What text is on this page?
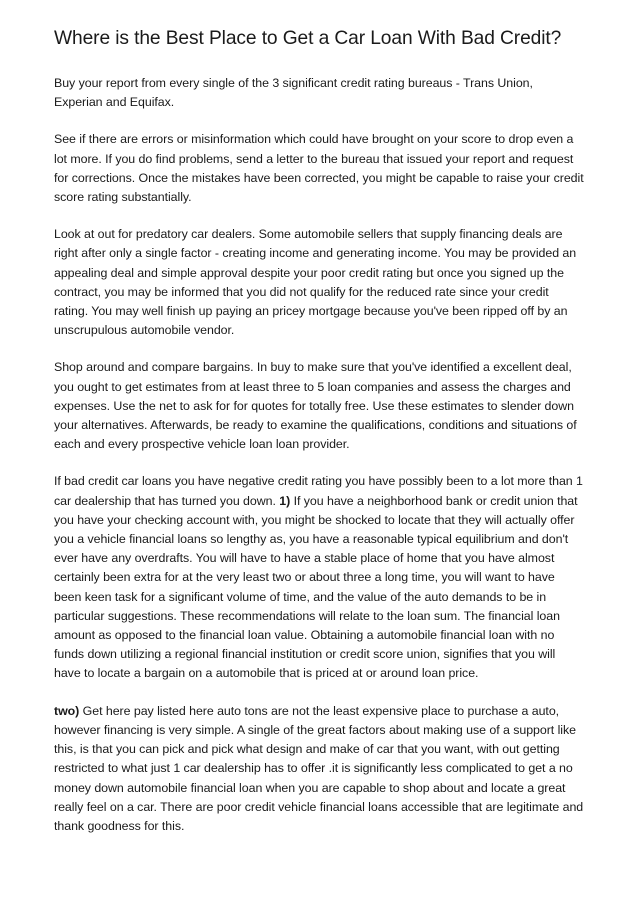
Where is the Best Place to Get a Car Loan With Bad Credit?

Buy your report from every single of the 3 significant credit rating bureaus - Trans Union, Experian and Equifax.

See if there are errors or misinformation which could have brought on your score to drop even a lot more. If you do find problems, send a letter to the bureau that issued your report and request for corrections. Once the mistakes have been corrected, you might be capable to raise your credit score rating substantially.

Look at out for predatory car dealers. Some automobile sellers that supply financing deals are right after only a single factor - creating income and generating income. You may be provided an appealing deal and simple approval despite your poor credit rating but once you signed up the contract, you may be informed that you did not qualify for the reduced rate since your credit rating. You may well finish up paying an pricey mortgage because you've been ripped off by an unscrupulous automobile vendor.

Shop around and compare bargains. In buy to make sure that you've identified a excellent deal, you ought to get estimates from at least three to 5 loan companies and assess the charges and expenses. Use the net to ask for for quotes for totally free. Use these estimates to slender down your alternatives. Afterwards, be ready to examine the qualifications, conditions and situations of each and every prospective vehicle loan loan provider.

If bad credit car loans you have negative credit rating you have possibly been to a lot more than 1 car dealership that has turned you down. 1) If you have a neighborhood bank or credit union that you have your checking account with, you might be shocked to locate that they will actually offer you a vehicle financial loans so lengthy as, you have a reasonable typical equilibrium and don't ever have any overdrafts. You will have to have a stable place of home that you have almost certainly been extra for at the very least two or about three a long time, you will want to have been keen task for a significant volume of time, and the value of the auto demands to be in particular suggestions. These recommendations will relate to the loan sum. The financial loan amount as opposed to the financial loan value. Obtaining a automobile financial loan with no funds down utilizing a regional financial institution or credit score union, signifies that you will have to locate a bargain on a automobile that is priced at or around loan price.

two) Get here pay listed here auto tons are not the least expensive place to purchase a auto, however financing is very simple. A single of the great factors about making use of a support like this, is that you can pick and pick what design and make of car that you want, with out getting restricted to what just 1 car dealership has to offer .it is significantly less complicated to get a no money down automobile financial loan when you are capable to shop about and locate a great really feel on a car. There are poor credit vehicle financial loans accessible that are legitimate and thank goodness for this.
